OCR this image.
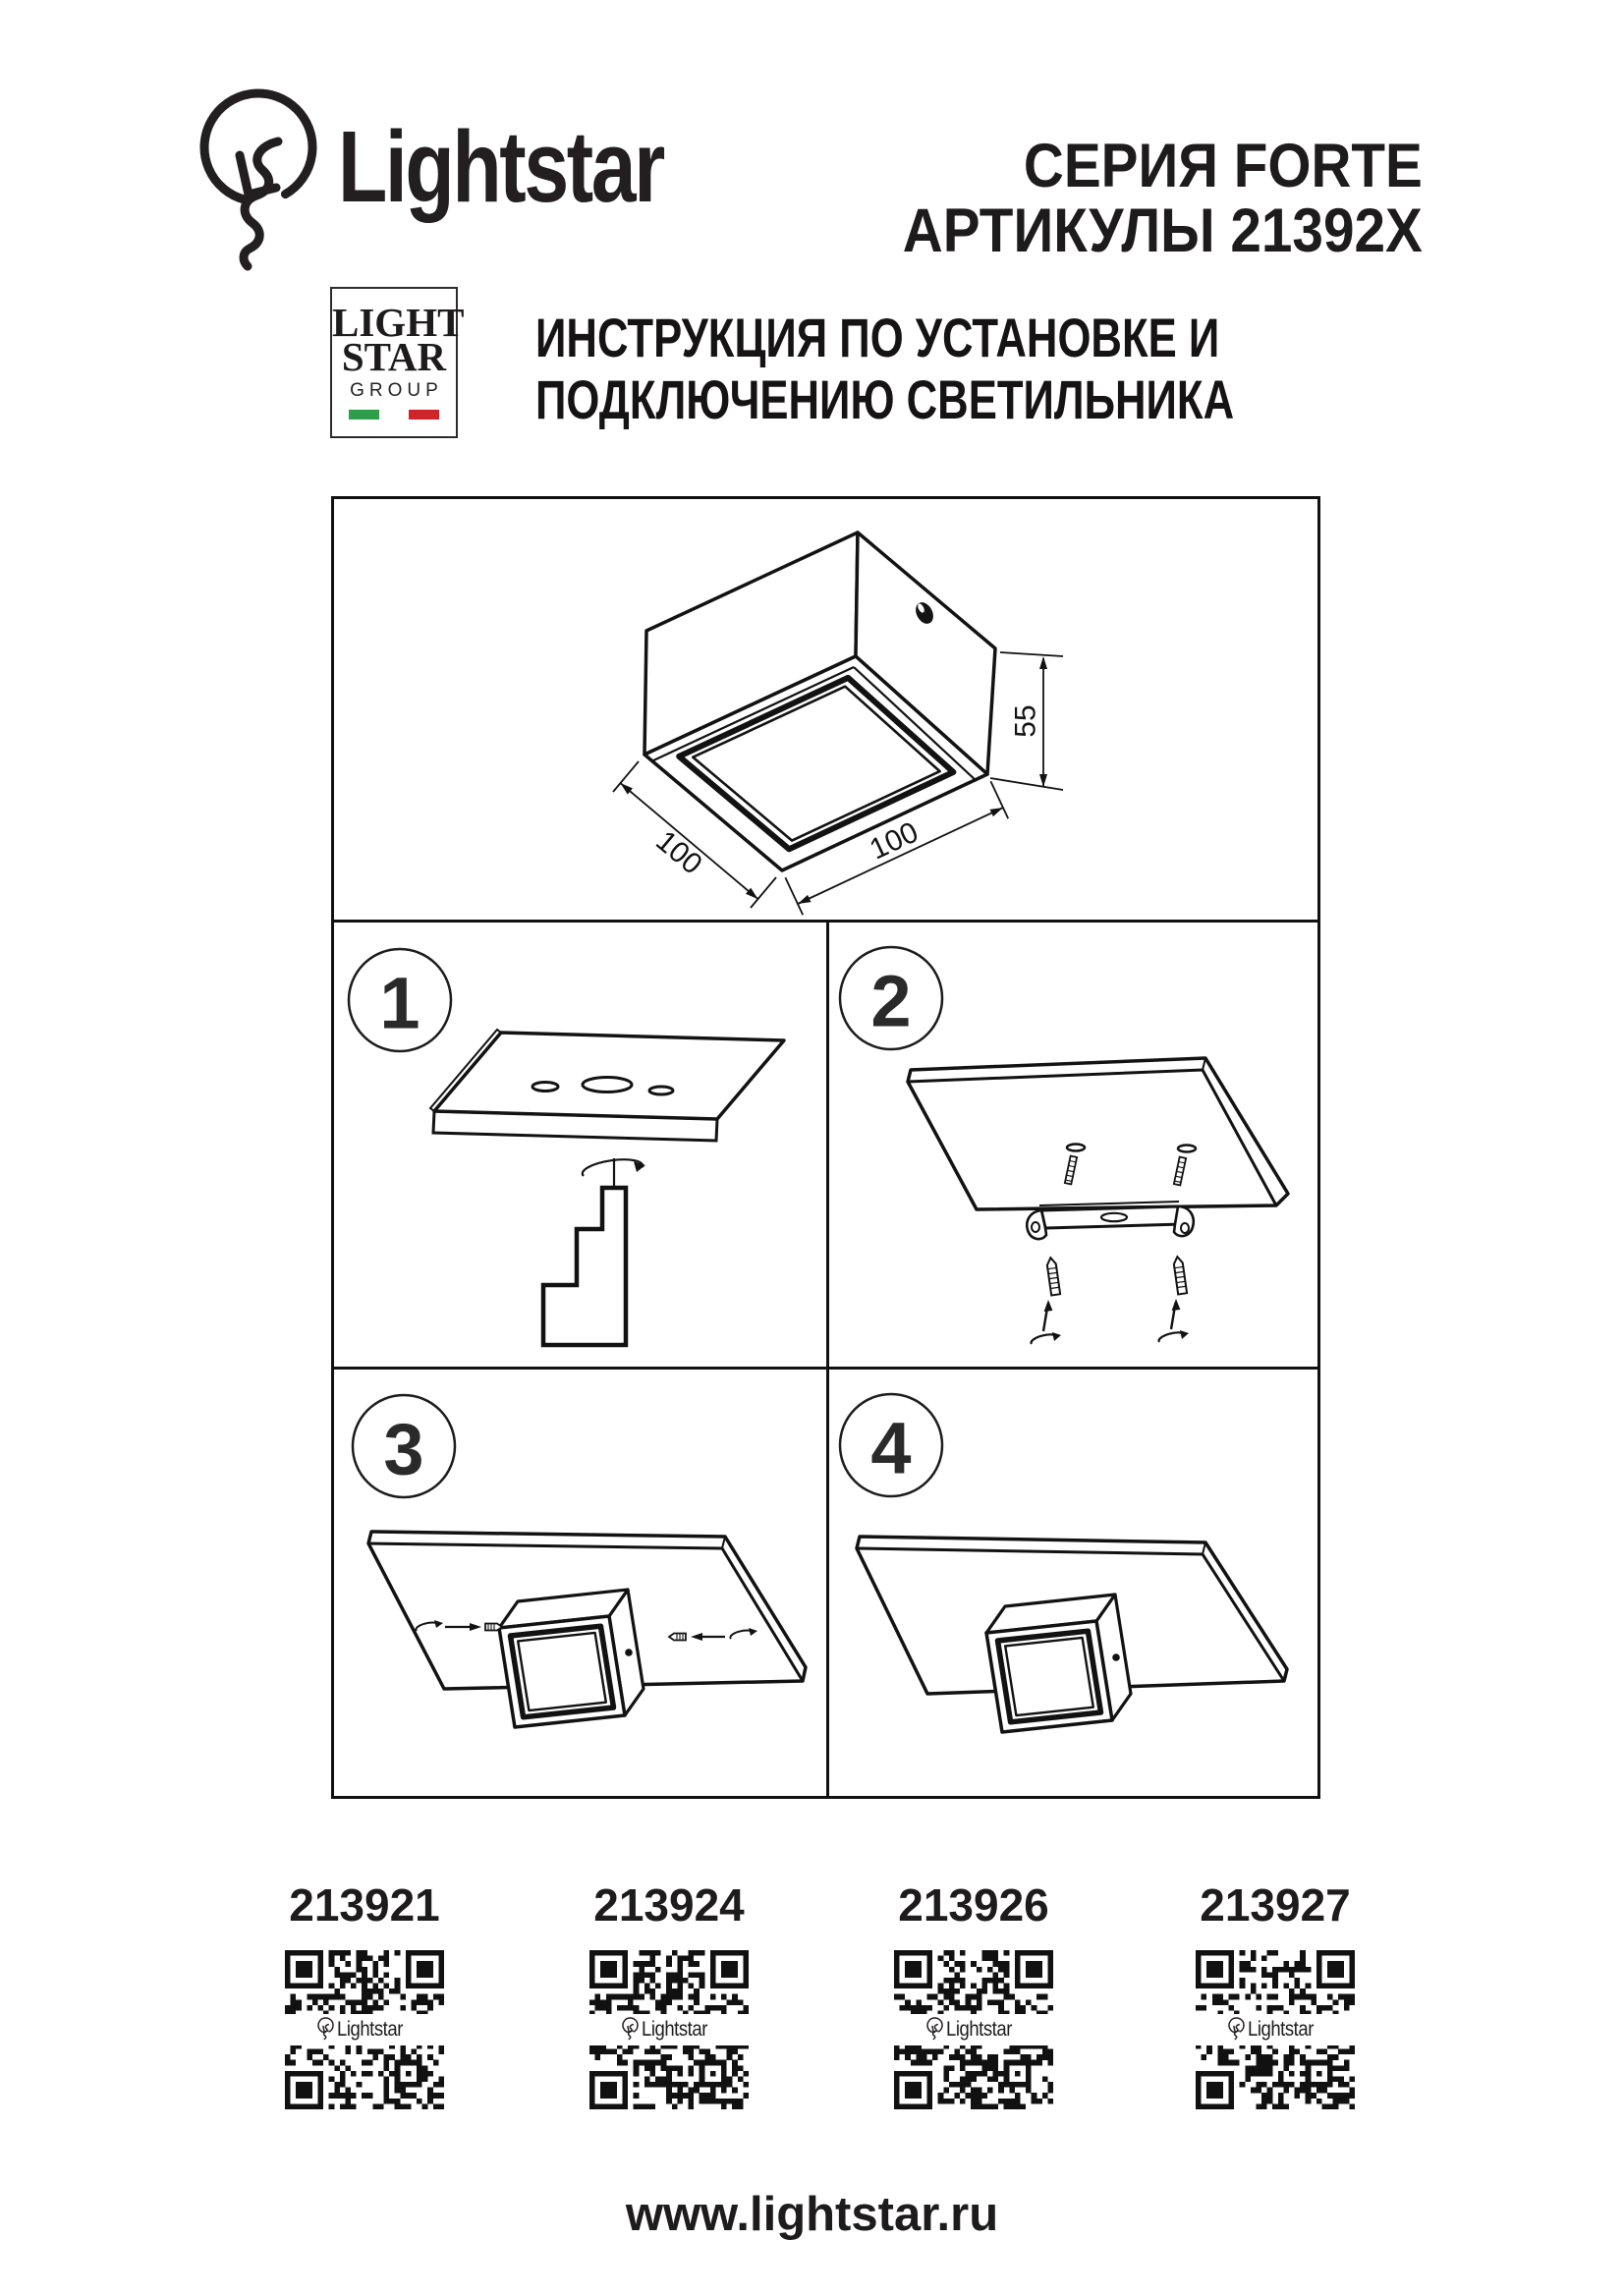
Lightstar	СЕРИЯ FORTE
АРТИКУЛЫ 21392X
LIGHT
STAR
GROUP
ИНСТРУКЦИЯ ПО УСТАНОВКЕ И
ПОДКЛЮЧЕНИЮ СВЕТИЛЬНИКА
55
100	100
1	2
3	4
213921
Lightstar
213924
Lightstar
213926
Lightstar
213927
Lightstar
www.lightstar.ru
